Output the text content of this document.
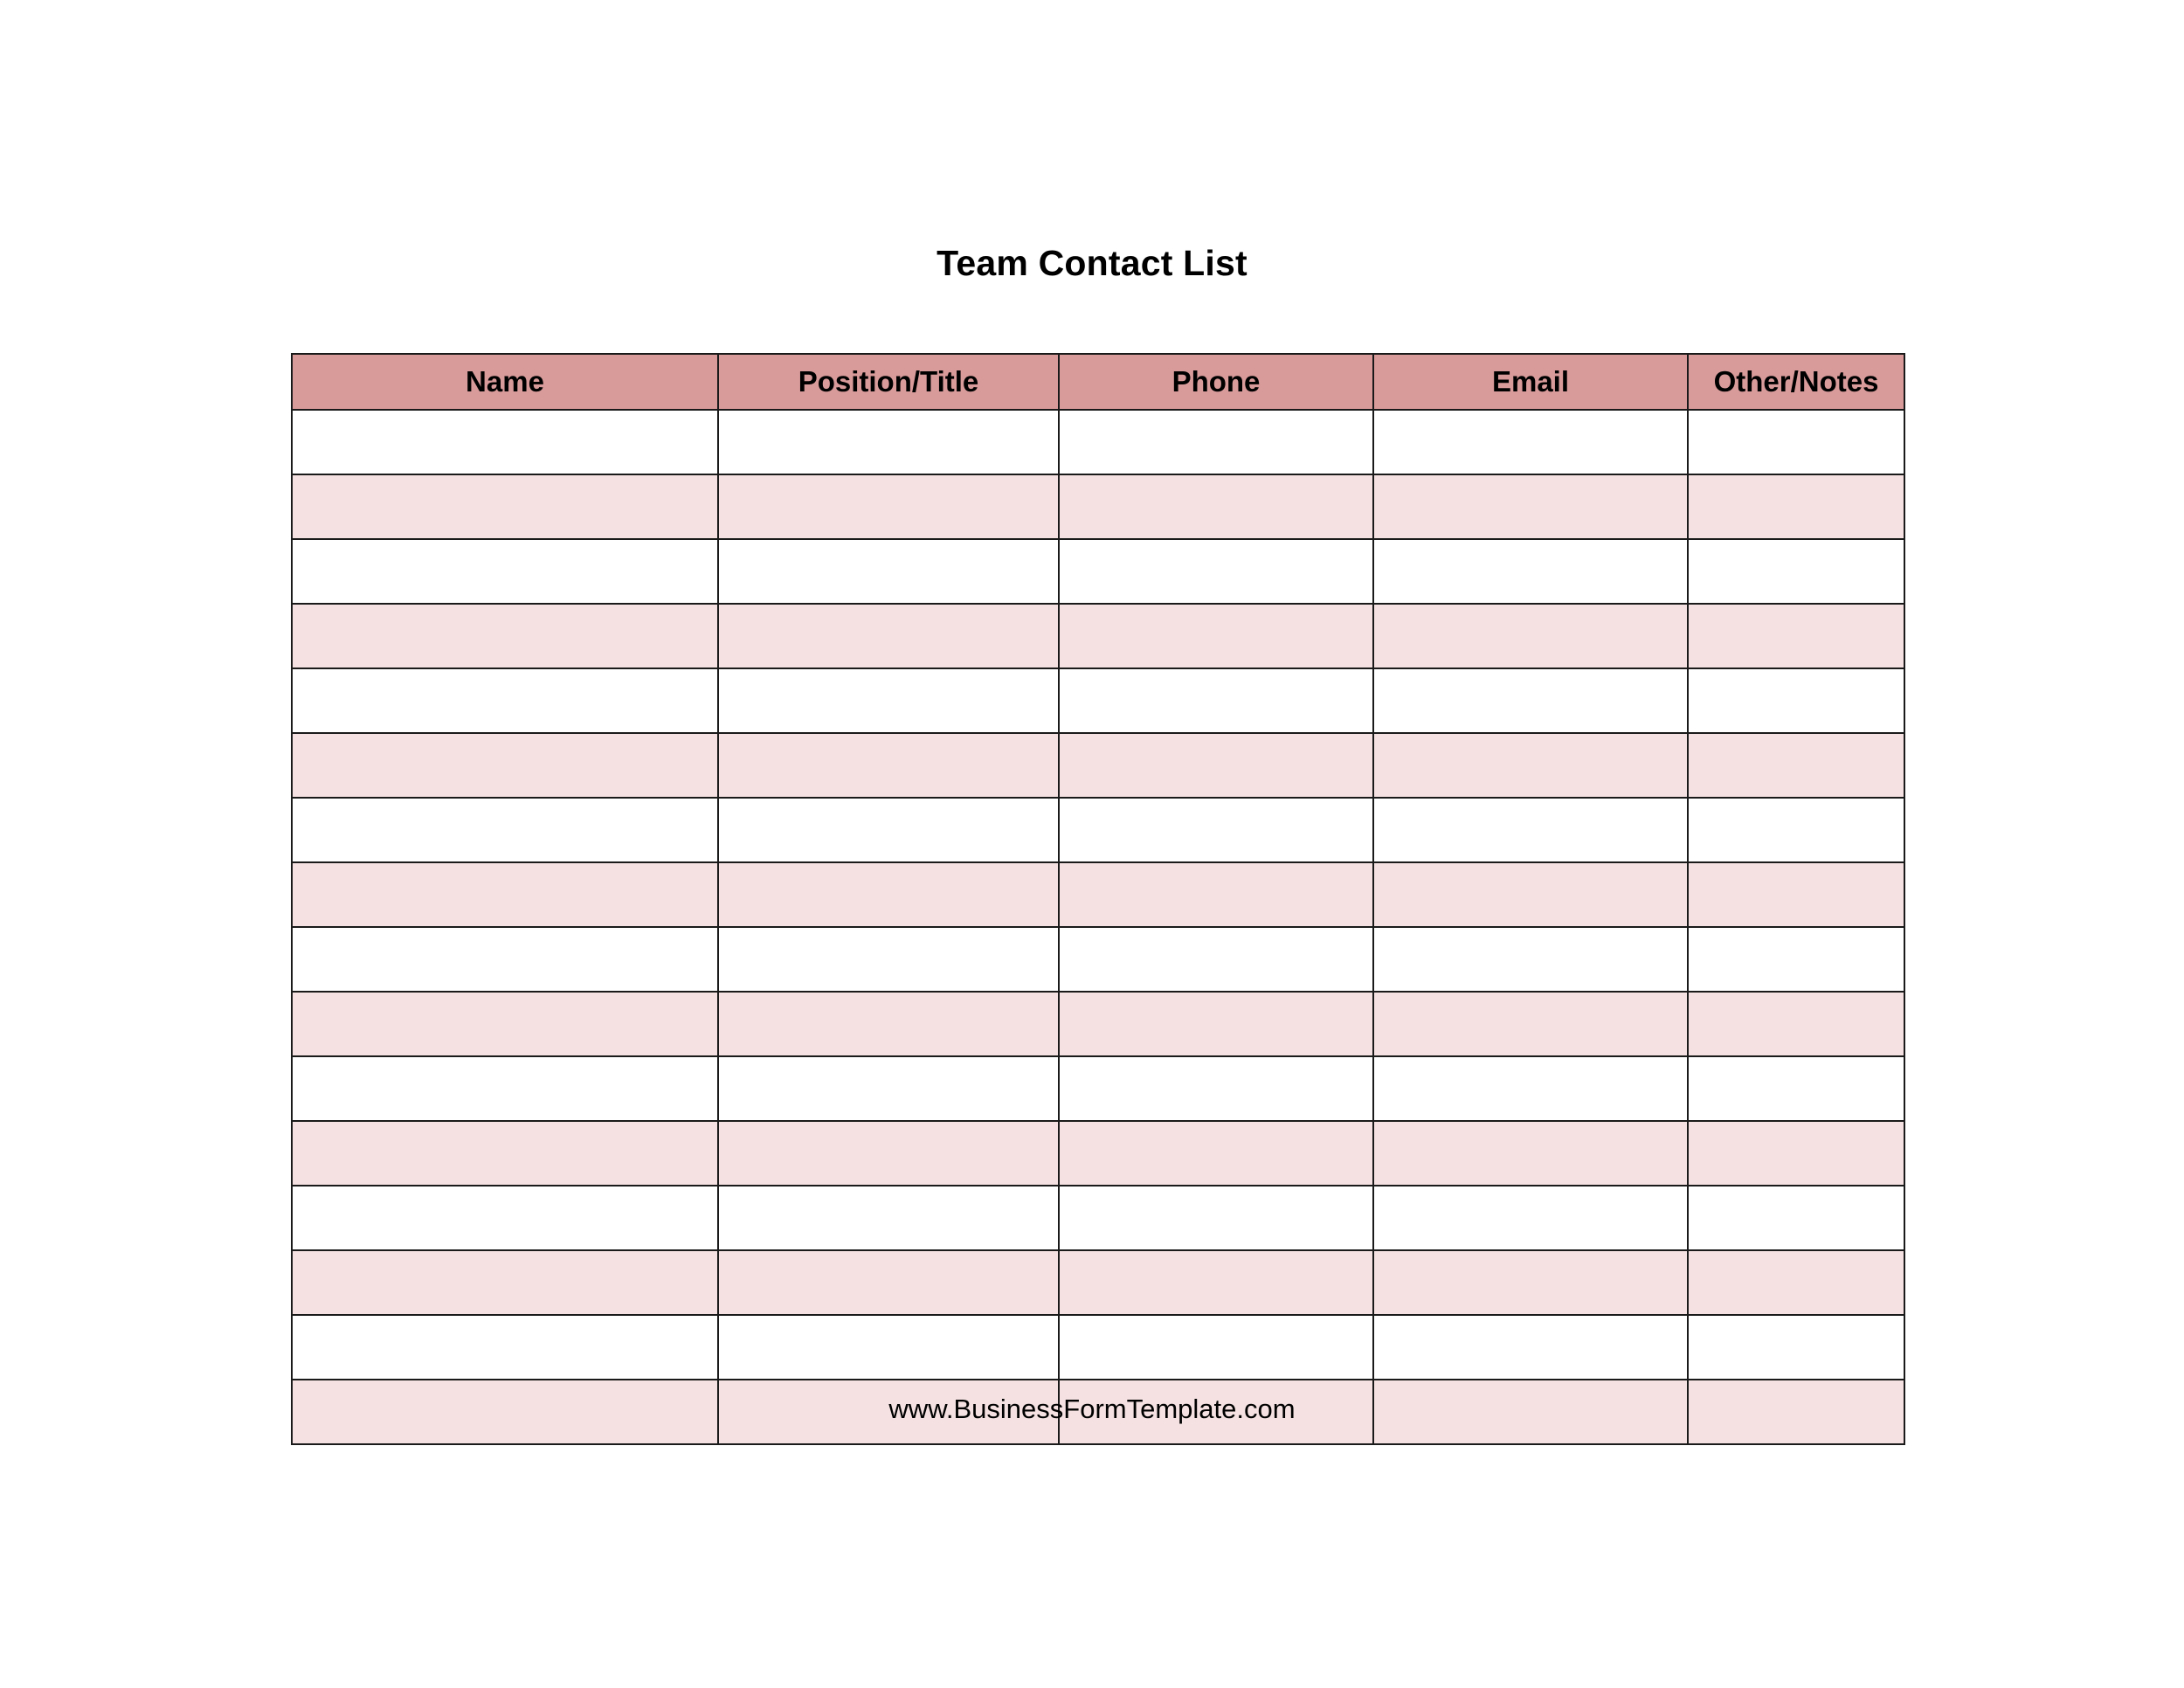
Team Contact List
Name	Position/Title	Phone	Email	Other/Notes

www.BusinessFormTemplate.com
